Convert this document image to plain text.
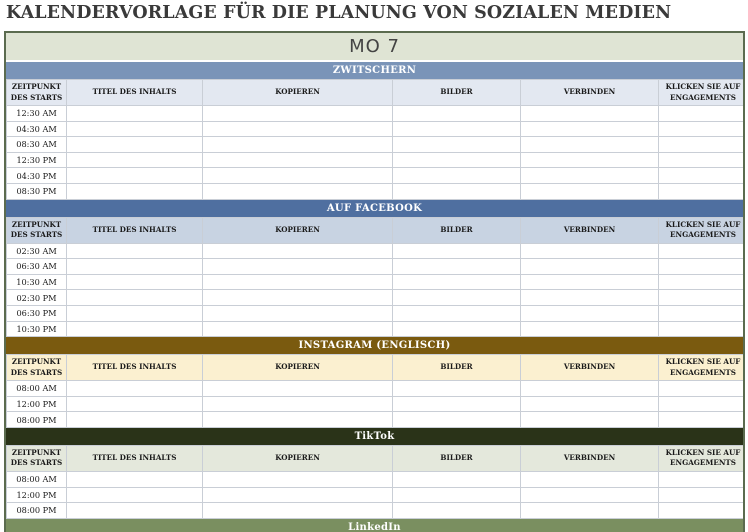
KALENDERVORLAGE FÜR DIE PLANUNG VON SOZIALEN MEDIEN
MO 7
ZWITSCHERN
ZEITPUNKT DES STARTS	TITEL DES INHALTS	KOPIEREN	BILDER	VERBINDEN	KLICKEN SIE AUF ENGAGEMENTS
12:30 AM					
04:30 AM					
08:30 AM					
12:30 PM					
04:30 PM					
08:30 PM					
AUF FACEBOOK
ZEITPUNKT DES STARTS	TITEL DES INHALTS	KOPIEREN	BILDER	VERBINDEN	KLICKEN SIE AUF ENGAGEMENTS
02:30 AM					
06:30 AM					
10:30 AM					
02:30 PM					
06:30 PM					
10:30 PM					
INSTAGRAM (ENGLISCH)
ZEITPUNKT DES STARTS	TITEL DES INHALTS	KOPIEREN	BILDER	VERBINDEN	KLICKEN SIE AUF ENGAGEMENTS
08:00 AM					
12:00 PM					
08:00 PM					
TikTok
ZEITPUNKT DES STARTS	TITEL DES INHALTS	KOPIEREN	BILDER	VERBINDEN	KLICKEN SIE AUF ENGAGEMENTS
08:00 AM					
12:00 PM					
08:00 PM					
LinkedIn
